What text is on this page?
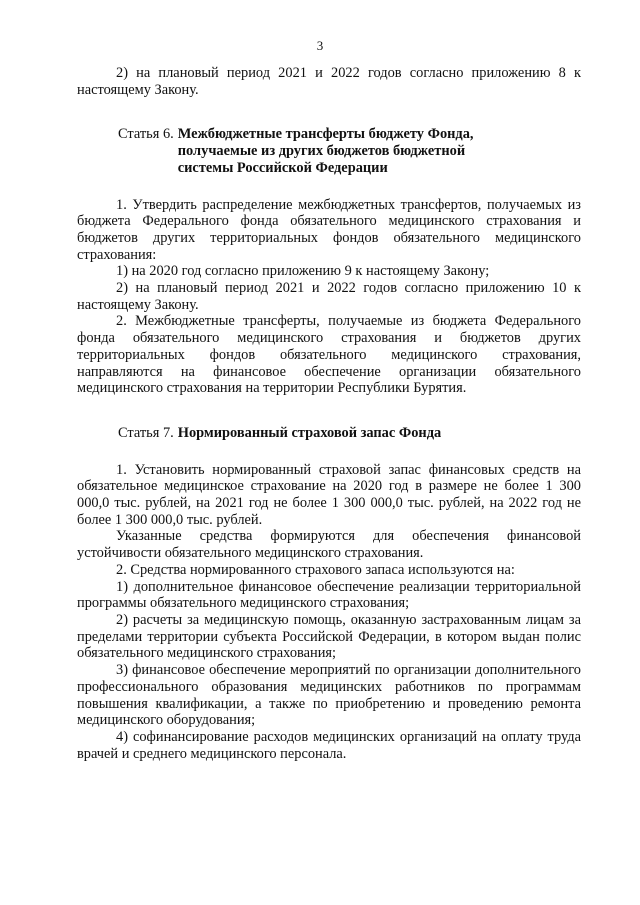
3

2) на плановый период 2021 и 2022 годов согласно приложению 8 к настоящему Закону.

Статья 6. Межбюджетные трансферты бюджету Фонда,
получаемые из других бюджетов бюджетной
системы Российской Федерации

1. Утвердить распределение межбюджетных трансфертов, получаемых из бюджета Федерального фонда обязательного медицинского страхования и бюджетов других территориальных фондов обязательного медицинского страхования:

1) на 2020 год согласно приложению 9 к настоящему Закону;

2) на плановый период 2021 и 2022 годов согласно приложению 10 к настоящему Закону.

2. Межбюджетные трансферты, получаемые из бюджета Федерального фонда обязательного медицинского страхования и бюджетов других территориальных фондов обязательного медицинского страхования, направляются на финансовое обеспечение организации обязательного медицинского страхования на территории Республики Бурятия.

Статья 7. Нормированный страховой запас Фонда

1. Установить нормированный страховой запас финансовых средств на обязательное медицинское страхование на 2020 год в размере не более 1 300 000,0 тыс. рублей, на 2021 год не более 1 300 000,0 тыс. рублей, на 2022 год не более 1 300 000,0 тыс. рублей.

Указанные средства формируются для обеспечения финансовой устойчивости обязательного медицинского страхования.

2. Средства нормированного страхового запаса используются на:

1) дополнительное финансовое обеспечение реализации территориальной программы обязательного медицинского страхования;

2) расчеты за медицинскую помощь, оказанную застрахованным лицам за пределами территории субъекта Российской Федерации, в котором выдан полис обязательного медицинского страхования;

3) финансовое обеспечение мероприятий по организации дополнительного профессионального образования медицинских работников по программам повышения квалификации, а также по приобретению и проведению ремонта медицинского оборудования;

4) софинансирование расходов медицинских организаций на оплату труда врачей и среднего медицинского персонала.
